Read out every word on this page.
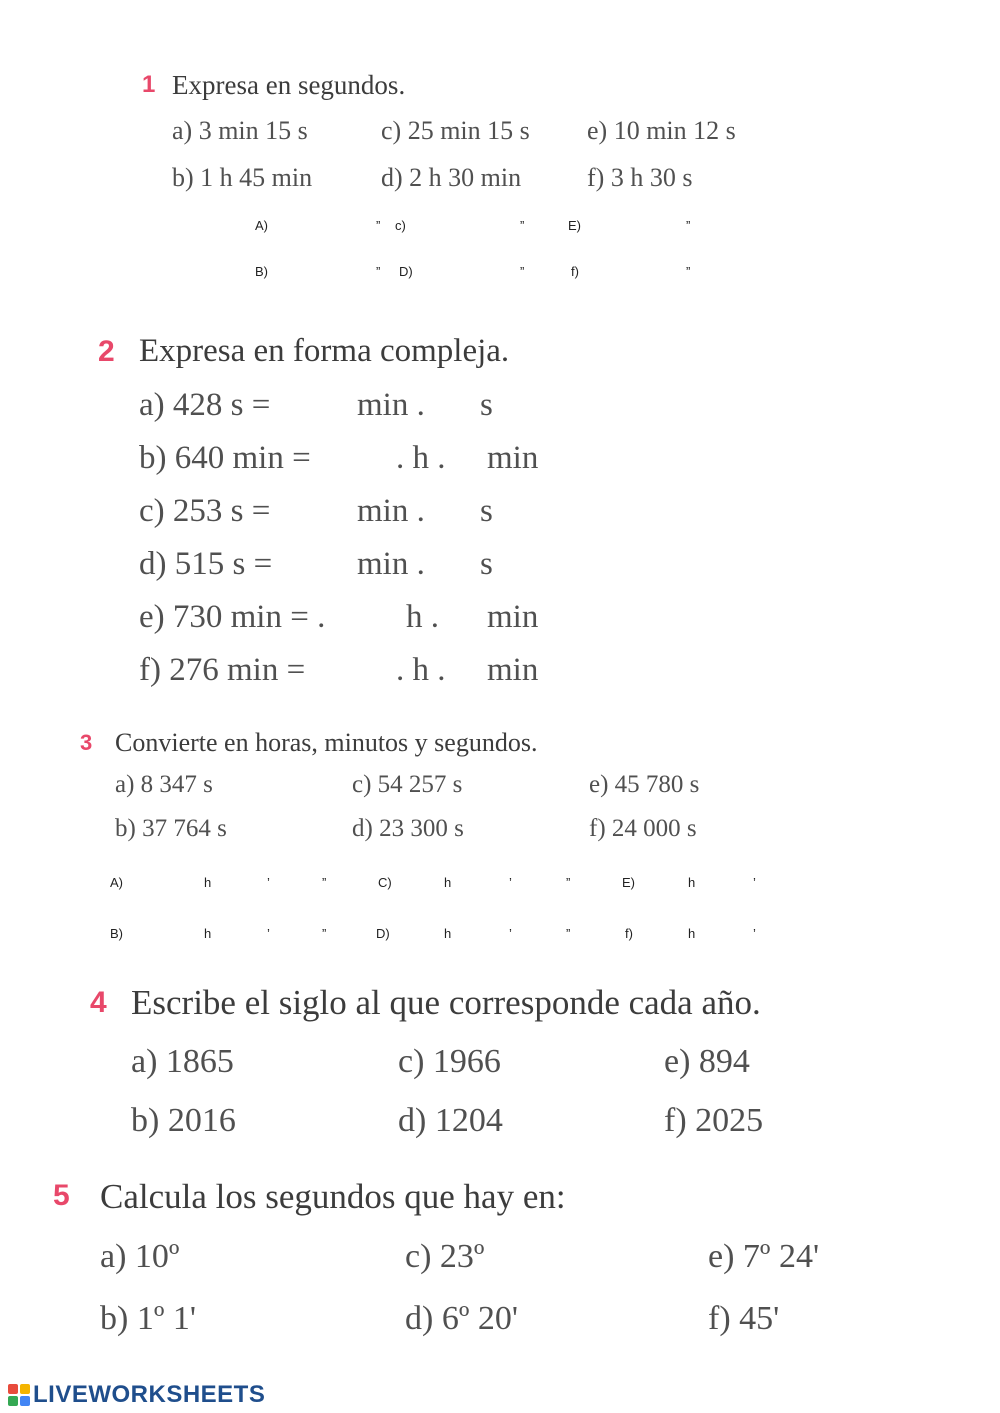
1 Expresa en segundos.
a) 3 min 15 s	c) 25 min 15 s e) 10 min 12 s
b) 1 h 45 min	d) 2 h 30 min	f) 3 h 30 s
A)	” c)	”	E)	”
B)	” D)	”	f)	”
2 Expresa en forma compleja.
a) 428 s =	min . s
b) 640 min =	. h . min
c) 253 s =	min . s
d) 515 s =	min . s
e) 730 min = . h . min
f) 276 min =	. h . min
3 Convierte en horas, minutos y segundos.
a) 8 347 s	c) 54 257 s	e) 45 780 s
b) 37 764 s	d) 23 300 s	f) 24 000 s
A)	h	’	”	C)	h	’	”	E)	h	’
B)	h	’	”	D)	h	’	”	f)	h	’
4 Escribe el siglo al que corresponde cada año.
a) 1865	c) 1966	e) 894
b) 2016	d) 1204	f) 2025
5 Calcula los segundos que hay en:
a) 10º	c) 23º	e) 7º 24'
b) 1º 1'	d) 6º 20'	f) 45'
LIVEWORKSHEETS
